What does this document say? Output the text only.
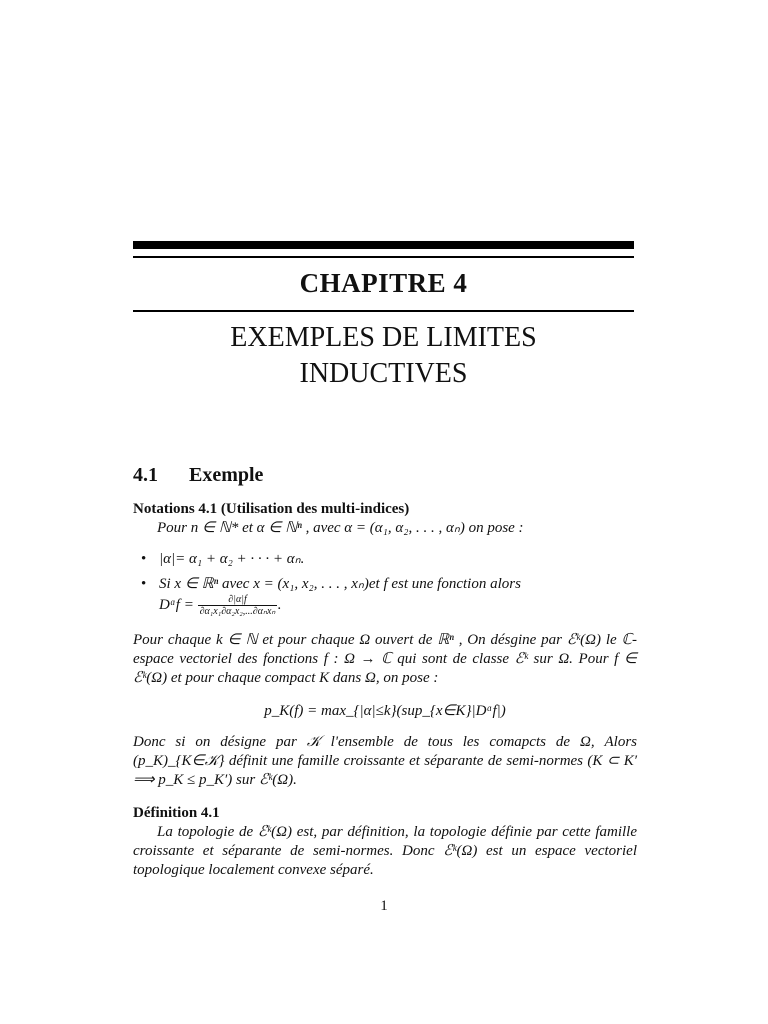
CHAPITRE 4
EXEMPLES DE LIMITES
INDUCTIVES
4.1 Exemple
Notations 4.1 (Utilisation des multi-indices)
Pour n ∈ ℕ* et α ∈ ℕⁿ , avec α = (α₁, α₂, . . . , αₙ) on pose :
• |α|= α₁ + α₂ + · · · + αₙ.
• Si x ∈ ℝⁿ avec x = (x₁, x₂, . . . , xₙ)et f est une fonction alors
Dᵅf = $\frac{\partial|\alpha|f}{\text{∂α₁x₁∂α₂x₂,...∂αₙxₙ}}$ .
Pour chaque k ∈ ℕ et pour chaque Ω ouvert de ℝⁿ , On désgine par ℰᵏ(Ω) le ℂ-espace vectoriel des fonctions f : Ω → ℂ qui sont de classe ℰᵏ sur Ω. Pour f ∈ ℰᵏ(Ω) et pour chaque compact K dans Ω, on pose :
p_K(f) = max_{|α|≤k}(sup_{x∈K}|Dᵅf|)
Donc si on désigne par 𝒦 l'ensemble de tous les comapcts de Ω, Alors (p_K)_{K∈𝒦} définit une famille croissante et séparante de semi-normes (K ⊂ K′ ⟹ p_K ≤ p_K′) sur ℰᵏ(Ω).
Définition 4.1
La topologie de ℰᵏ(Ω) est, par définition, la topologie définie par cette famille croissante et séparante de semi-normes. Donc ℰᵏ(Ω) est un espace vectoriel topologique localement convexe séparé.
1
